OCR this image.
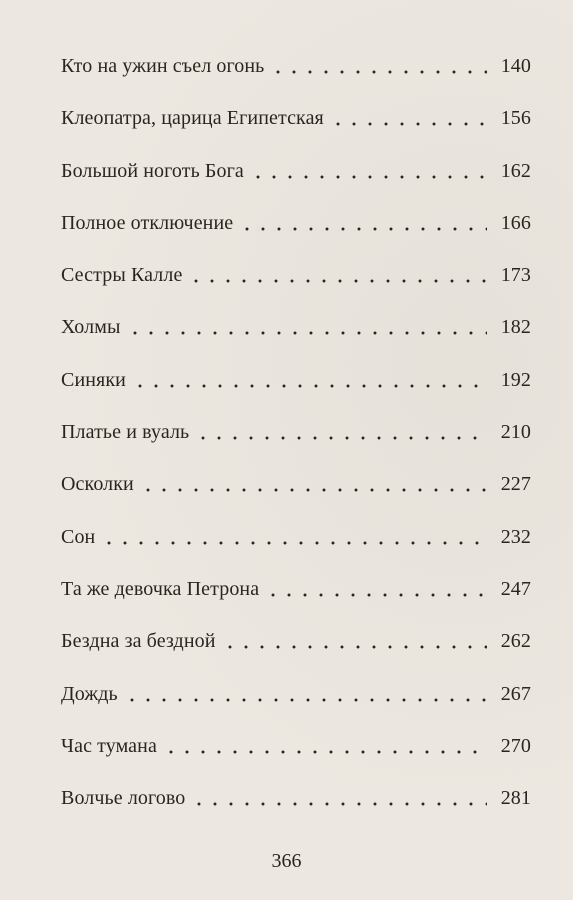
Кто на ужин съел огонь	140
Клеопатра, царица Египетская	156
Большой ноготь Бога	162
Полное отключение	166
Сестры Калле	173
Холмы	182
Синяки	192
Платье и вуаль	210
Осколки	227
Сон	232
Та же девочка Петрона	247
Бездна за бездной	262
Дождь	267
Час тумана	270
Волчье логово	281
366
